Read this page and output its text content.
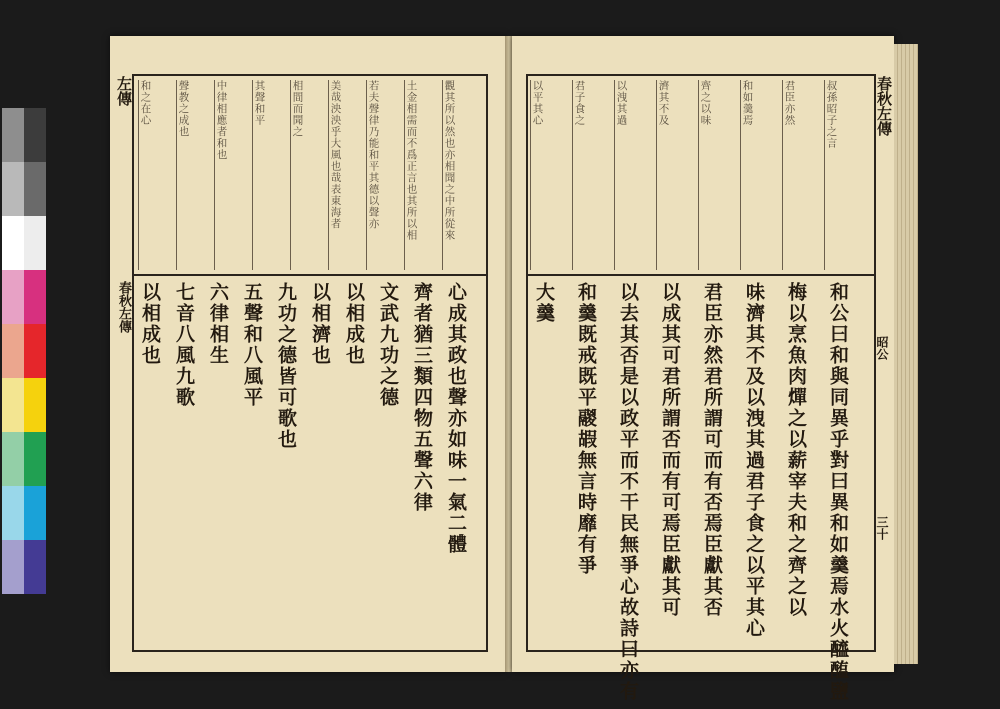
左傳
春秋左傳
觀其所以然也亦相聞之中所從來
土金相需而不爲正言也其所以相
若夫聲律乃能和平其德以聲亦
美哉泱泱乎大風也哉表東海者
相間而聞之
其聲和平
中律相應者和也
聲教之成也
和之在心
心成其政也聲亦如味一氣二體
齊者猶三類四物五聲六律
文武九功之德
以相成也
以相濟也
九功之德皆可歌也
五聲和八風平
六律相生
七音八風九歌
以相成也
春秋左傳
昭公
三十
叔孫昭子之言
君臣亦然
和如羹焉
齊之以味
濟其不及
以洩其過
君子食之
以平其心
和公曰和與同異乎對曰異和如羹焉水火醯醢鹽
梅以烹魚肉燀之以薪宰夫和之齊之以
味濟其不及以洩其過君子食之以平其心
君臣亦然君所謂可而有否焉臣獻其否
以成其可君所謂否而有可焉臣獻其可
以去其否是以政平而不干民無爭心故詩曰亦有
和羹既戒既平鬷嘏無言時靡有爭
大羹
